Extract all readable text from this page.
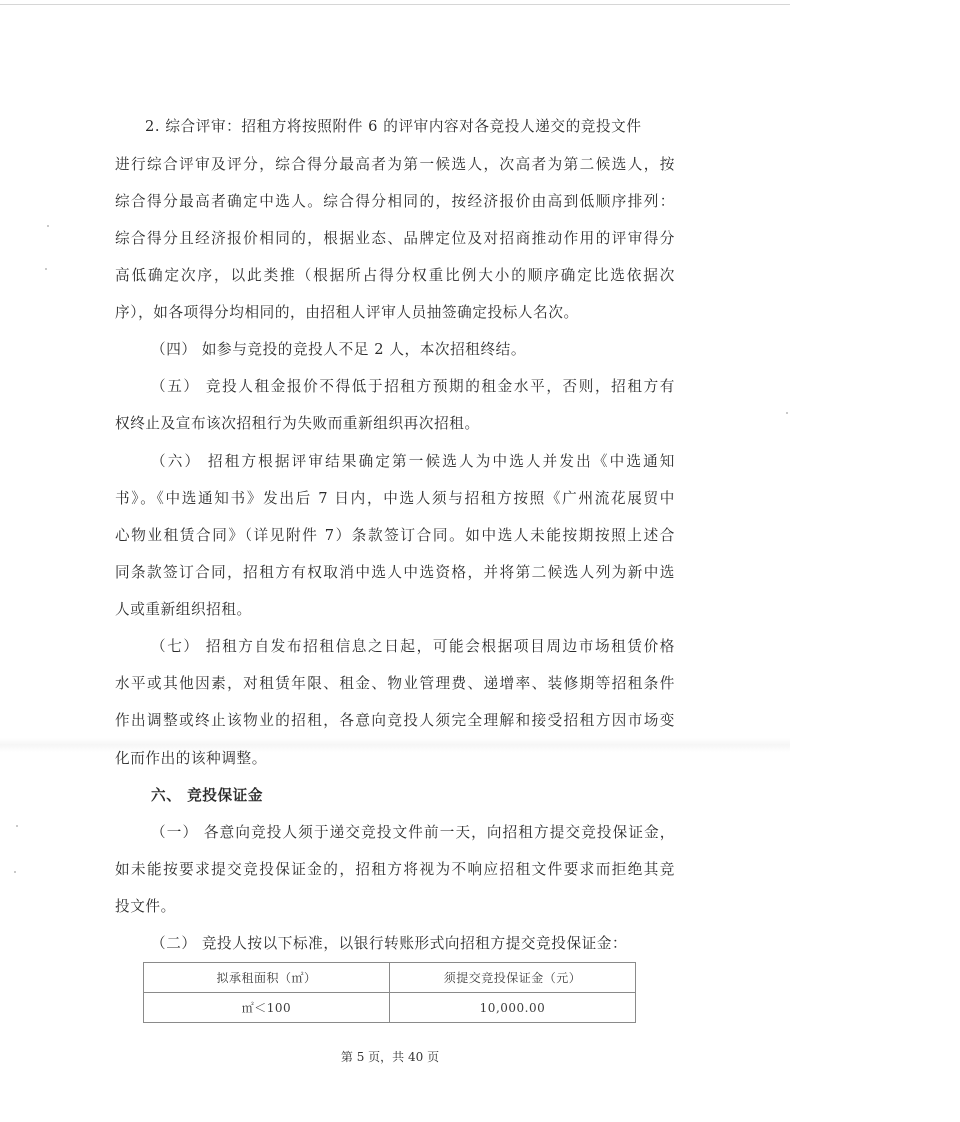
2. 综合评审：招租方将按照附件 6 的评审内容对各竞投人递交的竞投文件
进行综合评审及评分，综合得分最高者为第一候选人，次高者为第二候选人，按
综合得分最高者确定中选人。综合得分相同的，按经济报价由高到低顺序排列：
综合得分且经济报价相同的，根据业态、品牌定位及对招商推动作用的评审得分
高低确定次序，以此类推（根据所占得分权重比例大小的顺序确定比选依据次
序），如各项得分均相同的，由招租人评审人员抽签确定投标人名次。
（四） 如参与竞投的竞投人不足 2 人，本次招租终结。
（五） 竞投人租金报价不得低于招租方预期的租金水平，否则，招租方有
权终止及宣布该次招租行为失败而重新组织再次招租。
（六） 招租方根据评审结果确定第一候选人为中选人并发出《中选通知
书》。《中选通知书》发出后 7 日内，中选人须与招租方按照《广州流花展贸中
心物业租赁合同》（详见附件 7）条款签订合同。如中选人未能按期按照上述合
同条款签订合同，招租方有权取消中选人中选资格，并将第二候选人列为新中选
人或重新组织招租。
（七） 招租方自发布招租信息之日起，可能会根据项目周边市场租赁价格
水平或其他因素，对租赁年限、租金、物业管理费、递增率、装修期等招租条件
作出调整或终止该物业的招租，各意向竞投人须完全理解和接受招租方因市场变
化而作出的该种调整。
六、 竞投保证金
（一） 各意向竞投人须于递交竞投文件前一天，向招租方提交竞投保证金，
如未能按要求提交竞投保证金的，招租方将视为不响应招租文件要求而拒绝其竞
投文件。
（二） 竞投人按以下标准，以银行转账形式向招租方提交竞投保证金：
拟承租面积（㎡）	须提交竞投保证金（元）
㎡＜100	10,000.00
第 5 页，共 40 页
